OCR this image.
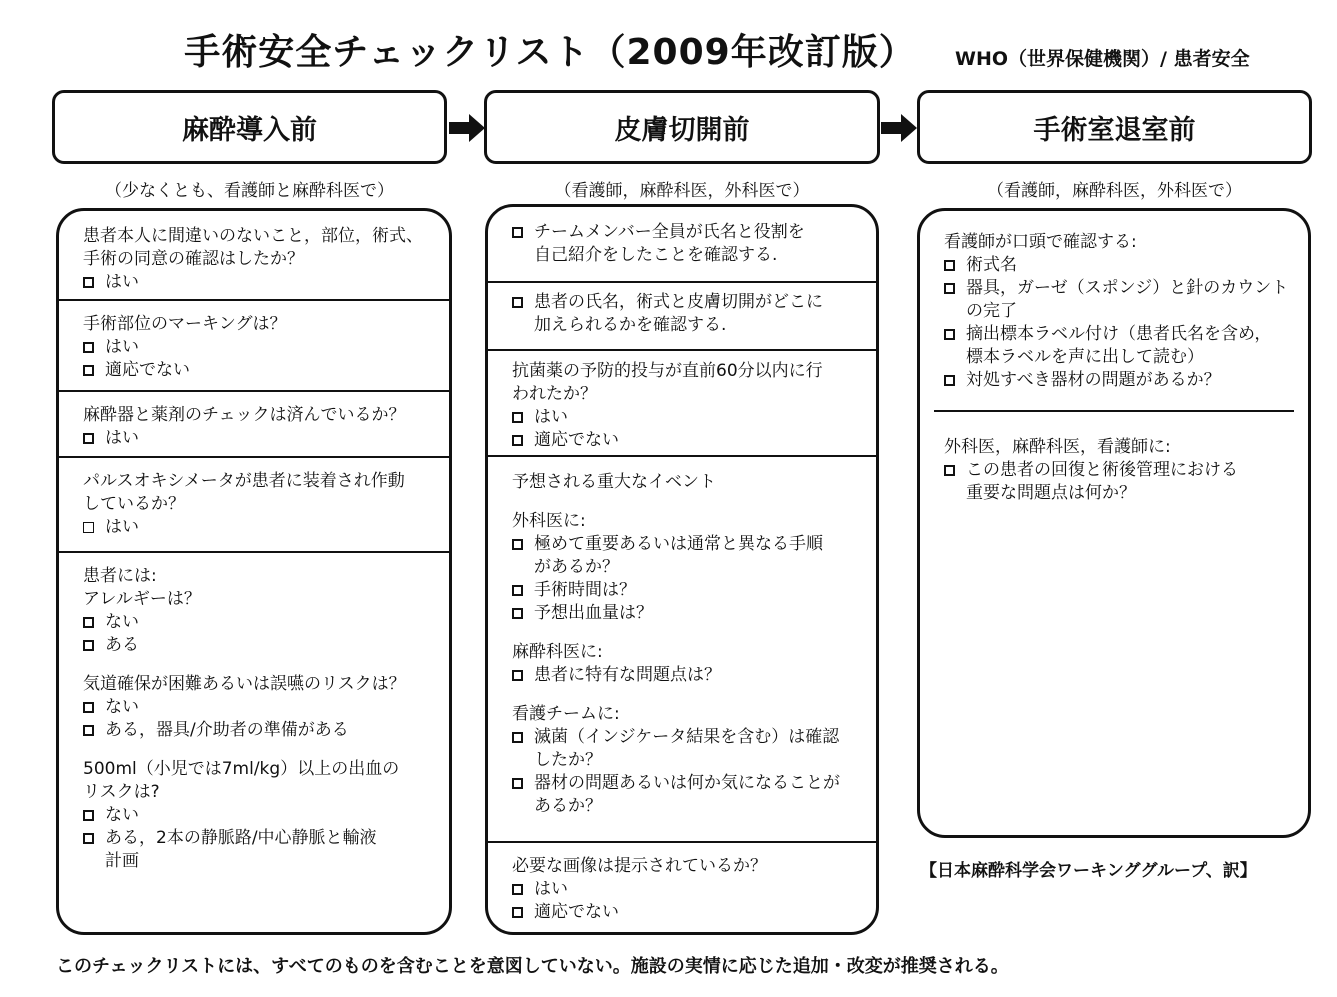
手術安全チェックリスト（2009年改訂版）	WHO（世界保健機関）/ 患者安全
麻酔導入前	皮膚切開前	手術室退室前
（少なくとも、看護師と麻酔科医で）	（看護師，麻酔科医，外科医で）	（看護師，麻酔科医，外科医で）
患者本人に間違いのないこと，部位，術式、
手術の同意の確認はしたか？
はい
手術部位のマーキングは？
はい
適応でない
麻酔器と薬剤のチェックは済んでいるか？
はい
パルスオキシメータが患者に装着され作動
しているか？
はい
患者には:
アレルギーは？
ない
ある
気道確保が困難あるいは誤嚥のリスクは？
ない
ある，器具/介助者の準備がある
500ml（小児では7ml/kg）以上の出血の
リスクは?
ない
ある，2本の静脈路/中心静脈と輸液
計画
チームメンバー全員が氏名と役割を
自己紹介をしたことを確認する.
患者の氏名，術式と皮膚切開がどこに
加えられるかを確認する.
抗菌薬の予防的投与が直前60分以内に行
われたか？
はい
適応でない
予想される重大なイベント
外科医に:
極めて重要あるいは通常と異なる手順
があるか？
手術時間は？
予想出血量は？
麻酔科医に:
患者に特有な問題点は？
看護チームに:
滅菌（インジケータ結果を含む）は確認
したか？
器材の問題あるいは何か気になることが
あるか？
必要な画像は提示されているか？
はい
適応でない
看護師が口頭で確認する:
術式名
器具，ガーゼ（スポンジ）と針のカウント
の完了
摘出標本ラベル付け（患者氏名を含め，
標本ラベルを声に出して読む）
対処すべき器材の問題があるか？
外科医，麻酔科医，看護師に:
この患者の回復と術後管理における
重要な問題点は何か？
【日本麻酔科学会ワーキンググループ、訳】
このチェックリストには、すべてのものを含むことを意図していない。施設の実情に応じた追加・改変が推奨される。
